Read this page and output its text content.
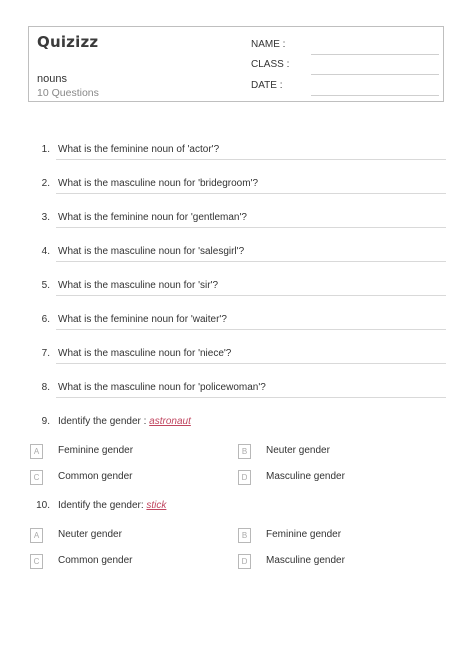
Quizizz
nouns
10 Questions
NAME :
CLASS :
DATE :
1. What is the feminine noun of 'actor'?
2. What is the masculine noun for 'bridegroom'?
3. What is the feminine noun for 'gentleman'?
4. What is the masculine noun for 'salesgirl'?
5. What is the masculine noun for 'sir'?
6. What is the feminine noun for 'waiter'?
7. What is the masculine noun for 'niece'?
8. What is the masculine noun for 'policewoman'?
9. Identify the gender : astronaut
A	Feminine gender	B	Neuter gender
C	Common gender	D	Masculine gender
10. Identify the gender: stick
A	Neuter gender	B	Feminine gender
C	Common gender	D	Masculine gender
